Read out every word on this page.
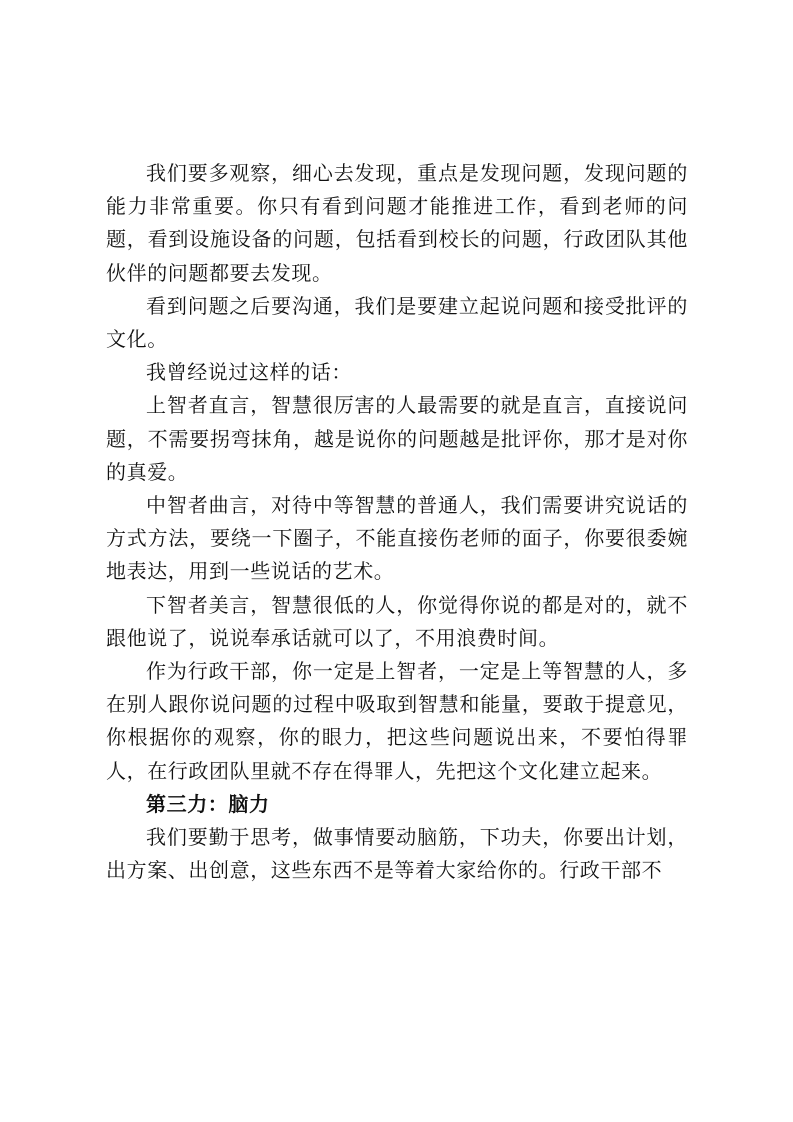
我们要多观察，细心去发现，重点是发现问题，发现问题的能力非常重要。你只有看到问题才能推进工作，看到老师的问题，看到设施设备的问题，包括看到校长的问题，行政团队其他伙伴的问题都要去发现。

看到问题之后要沟通，我们是要建立起说问题和接受批评的文化。

我曾经说过这样的话：

上智者直言，智慧很厉害的人最需要的就是直言，直接说问题，不需要拐弯抹角，越是说你的问题越是批评你，那才是对你的真爱。

中智者曲言，对待中等智慧的普通人，我们需要讲究说话的方式方法，要绕一下圈子，不能直接伤老师的面子，你要很委婉地表达，用到一些说话的艺术。

下智者美言，智慧很低的人，你觉得你说的都是对的，就不跟他说了，说说奉承话就可以了，不用浪费时间。

作为行政干部，你一定是上智者，一定是上等智慧的人，多在别人跟你说问题的过程中吸取到智慧和能量，要敢于提意见，你根据你的观察，你的眼力，把这些问题说出来，不要怕得罪人，在行政团队里就不存在得罪人，先把这个文化建立起来。

第三力：脑力

我们要勤于思考，做事情要动脑筋，下功夫，你要出计划，出方案、出创意，这些东西不是等着大家给你的。行政干部不
